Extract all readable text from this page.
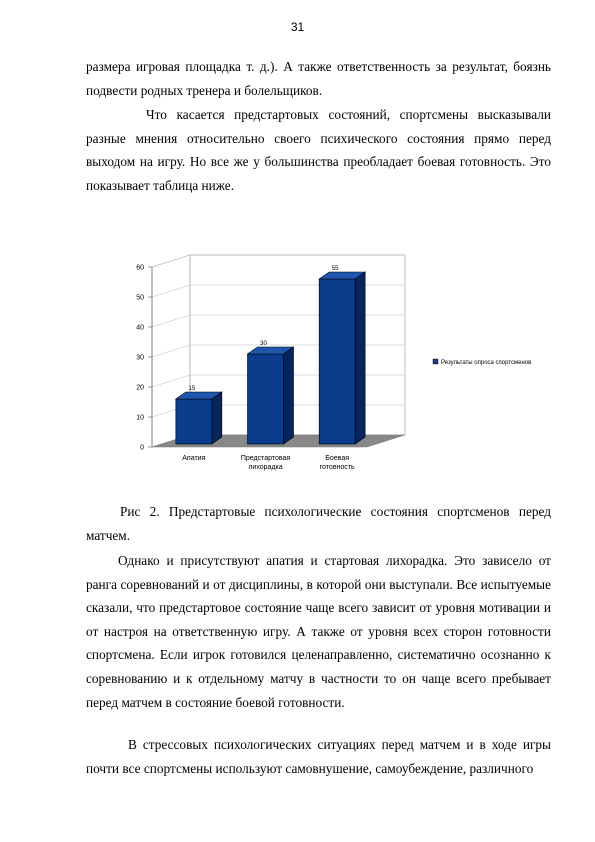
31

размера игровая площадка т. д.). А также ответственность за результат, боязнь подвести родных тренера и болельщиков.

Что касается предстартовых состояний, спортсмены высказывали разные мнения относительно своего психического состояния прямо перед выходом на игру. Но все же у большинства преобладает боевая готовность. Это показывает таблица ниже.

0
10
20
30
40
50
60
15
30
55
Апатия	Предстартовая лихорадка
Боевая готовность
Результаты опроса спортсменов

Рис 2. Предстартовые психологические состояния спортсменов перед матчем.

Однако и присутствуют апатия и стартовая лихорадка. Это зависело от ранга соревнований и от дисциплины, в которой они выступали. Все испытуемые сказали, что предстартовое состояние чаще всего зависит от уровня мотивации и от настроя на ответственную игру. А также от уровня всех сторон готовности спортсмена. Если игрок готовился целенаправленно, систематично осознанно к соревнованию и к отдельному матчу в частности то он чаще всего пребывает перед матчем в состояние боевой готовности.

В стрессовых психологических ситуациях перед матчем и в ходе игры почти все спортсмены используют самовнушение, самоубеждение, различного
